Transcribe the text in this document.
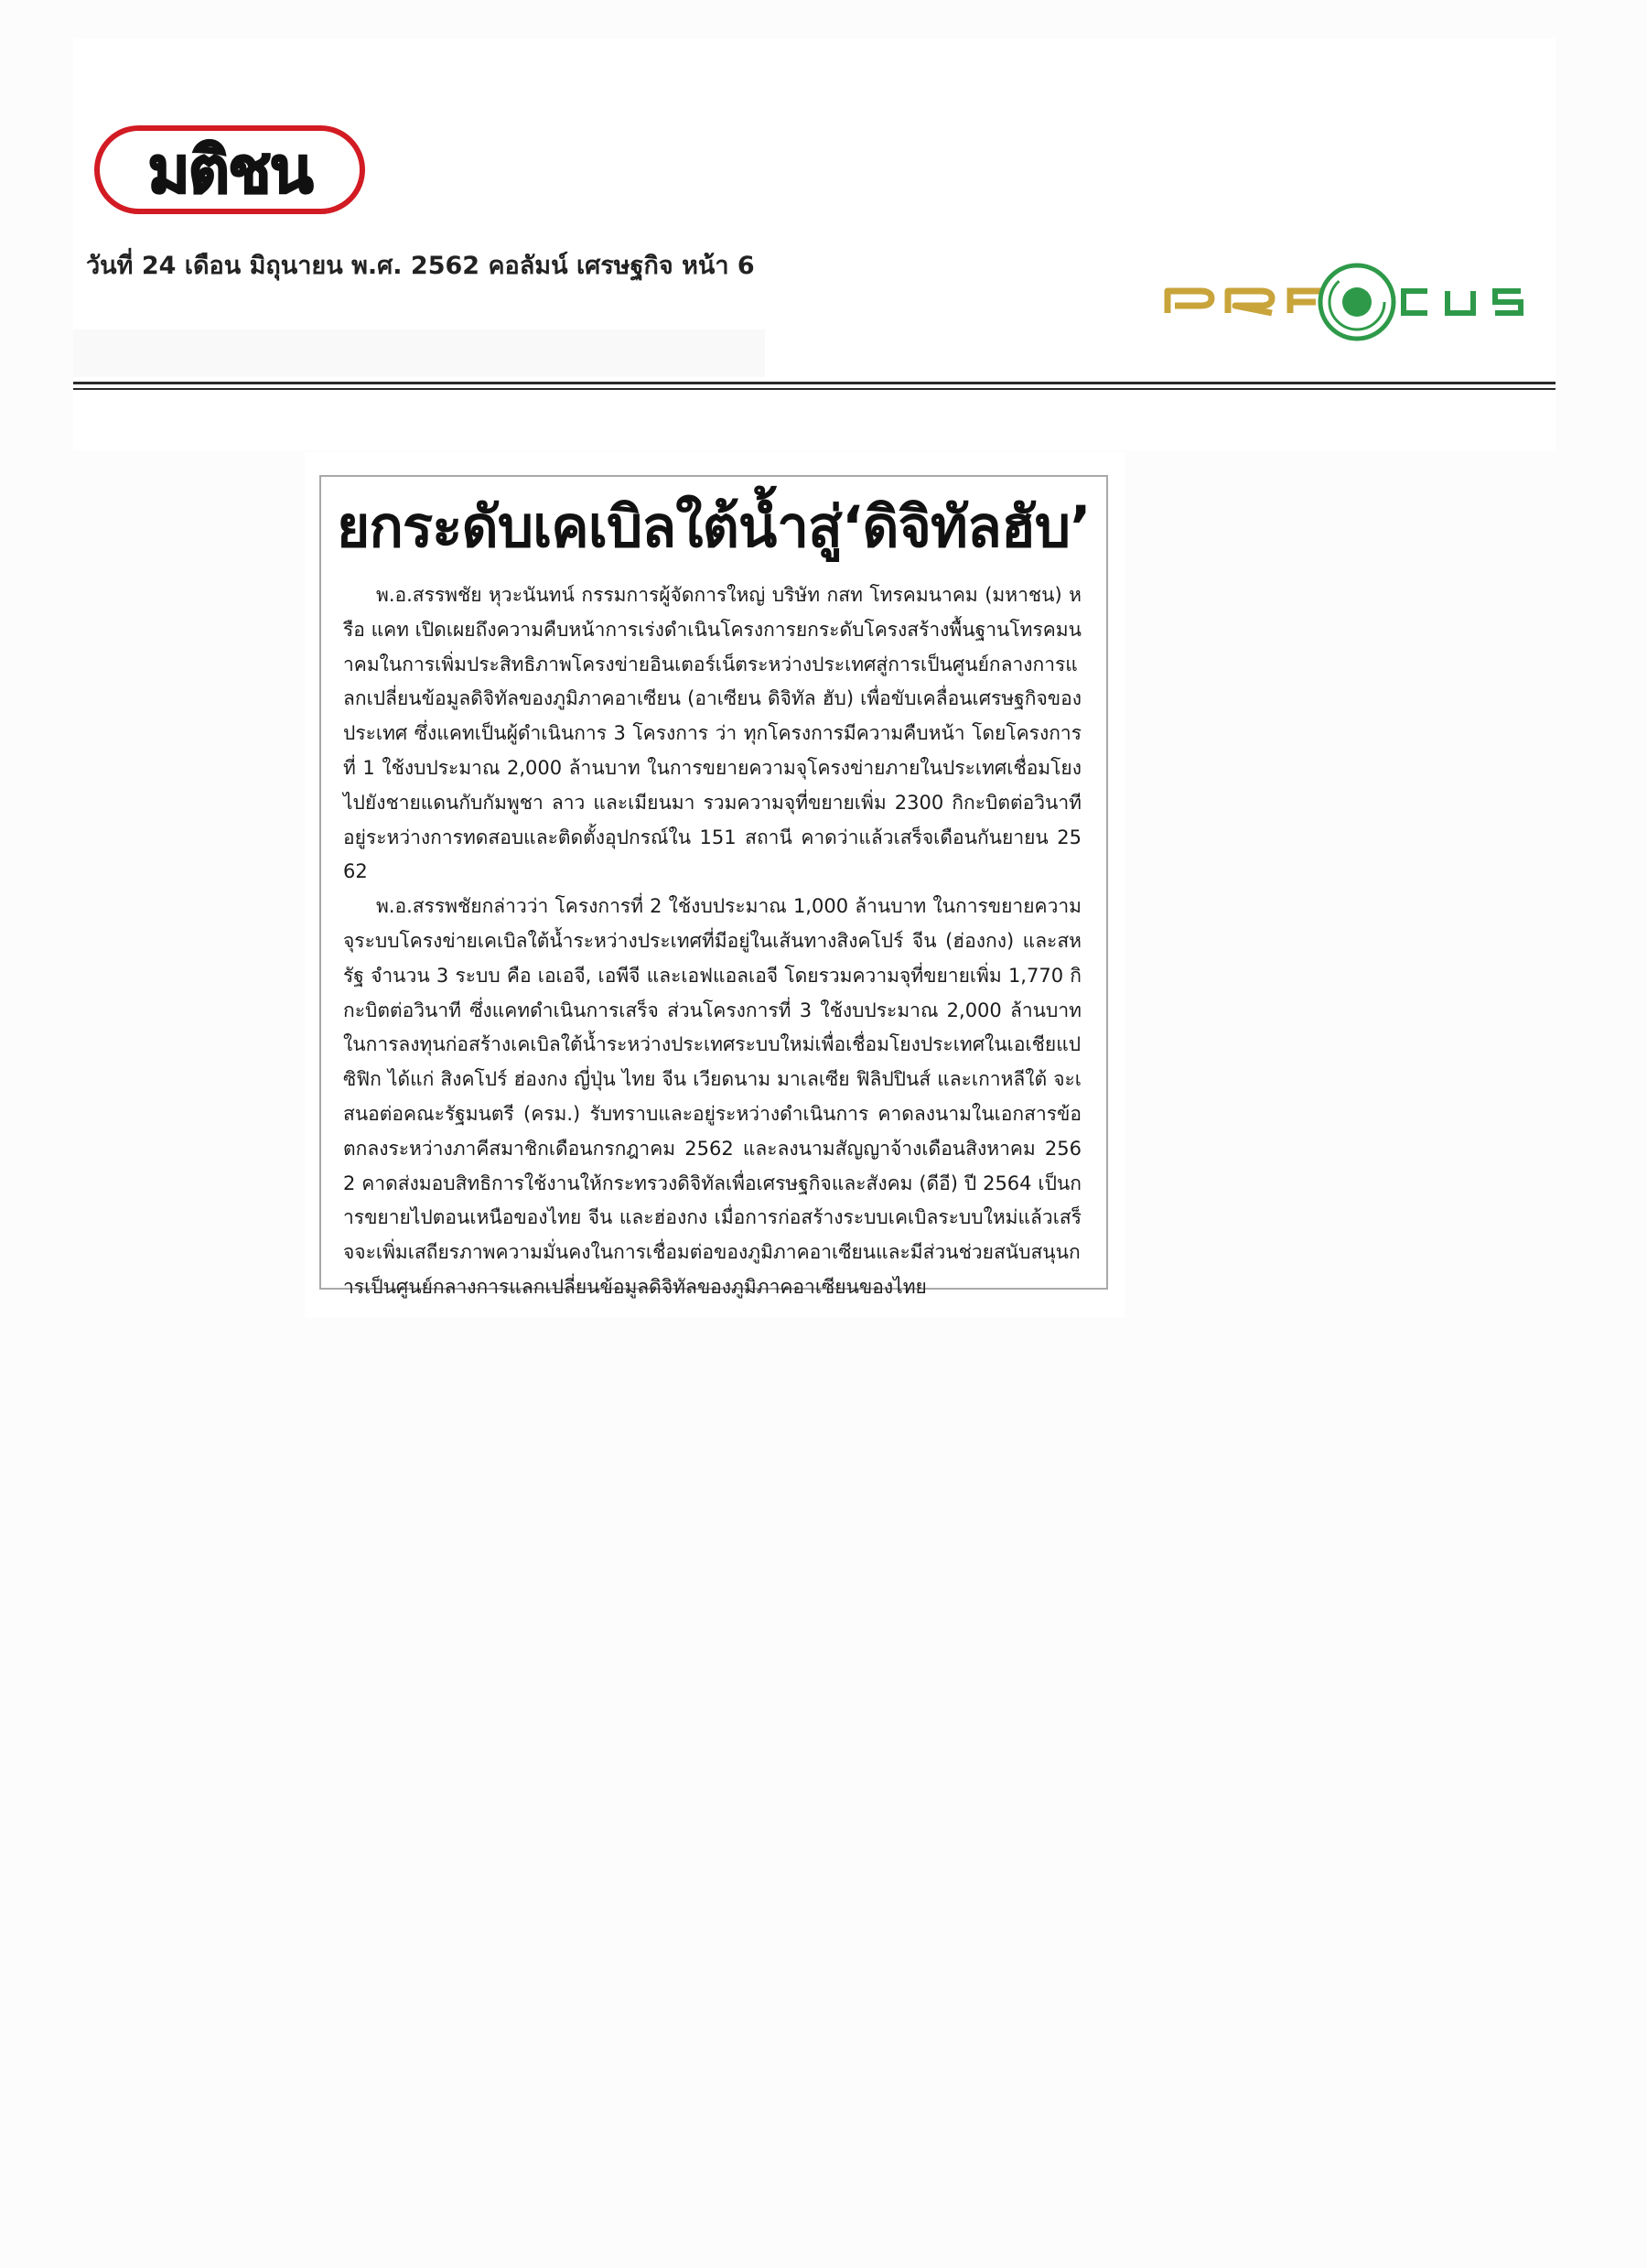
มติชน
วันที่ 24 เดือน มิถุนายน พ.ศ. 2562 คอลัมน์ เศรษฐกิจ หน้า 6
ยกระดับเคเบิลใต้น้ำสู่‘ดิจิทัลฮับ’

พ.อ.สรรพชัย หุวะนันทน์ กรรมการผู้จัดการใหญ่ บริษัท กสท โทรคมนาคม (มหาชน) หรือ แคท เปิดเผยถึงความคืบหน้าการเร่งดำเนินโครงการยกระดับโครงสร้างพื้นฐานโทรคมนาคมในการเพิ่มประสิทธิภาพโครงข่ายอินเตอร์เน็ตระหว่างประเทศสู่การเป็นศูนย์กลางการแลกเปลี่ยนข้อมูลดิจิทัลของภูมิภาคอาเซียน (อาเซียน ดิจิทัล ฮับ) เพื่อขับเคลื่อนเศรษฐกิจของประเทศ ซึ่งแคทเป็นผู้ดำเนินการ 3 โครงการ ว่า ทุกโครงการมีความคืบหน้า โดยโครงการที่ 1 ใช้งบประมาณ 2,000 ล้านบาท ในการขยายความจุโครงข่ายภายในประเทศเชื่อมโยงไปยังชายแดนกับกัมพูชา ลาว และเมียนมา รวมความจุที่ขยายเพิ่ม 2300 กิกะบิตต่อวินาที อยู่ระหว่างการทดสอบและติดตั้งอุปกรณ์ใน 151 สถานี คาดว่าแล้วเสร็จเดือนกันยายน 2562

พ.อ.สรรพชัยกล่าวว่า โครงการที่ 2 ใช้งบประมาณ 1,000 ล้านบาท ในการขยายความจุระบบโครงข่ายเคเบิลใต้น้ำระหว่างประเทศที่มีอยู่ในเส้นทางสิงคโปร์ จีน (ฮ่องกง) และสหรัฐ จำนวน 3 ระบบ คือ เอเอจี, เอพีจี และเอฟแอลเอจี โดยรวมความจุที่ขยายเพิ่ม 1,770 กิกะบิตต่อวินาที ซึ่งแคทดำเนินการเสร็จ ส่วนโครงการที่ 3 ใช้งบประมาณ 2,000 ล้านบาท ในการลงทุนก่อสร้างเคเบิลใต้น้ำระหว่างประเทศระบบใหม่เพื่อเชื่อมโยงประเทศในเอเชียแปซิฟิก ได้แก่ สิงคโปร์ ฮ่องกง ญี่ปุ่น ไทย จีน เวียดนาม มาเลเซีย ฟิลิปปินส์ และเกาหลีใต้ จะเสนอต่อคณะรัฐมนตรี (ครม.) รับทราบและอยู่ระหว่างดำเนินการ คาดลงนามในเอกสารข้อตกลงระหว่างภาคีสมาชิกเดือนกรกฎาคม 2562 และลงนามสัญญาจ้างเดือนสิงหาคม 2562 คาดส่งมอบสิทธิการใช้งานให้กระทรวงดิจิทัลเพื่อเศรษฐกิจและสังคม (ดีอี) ปี 2564 เป็นการขยายไปตอนเหนือของไทย จีน และฮ่องกง เมื่อการก่อสร้างระบบเคเบิลระบบใหม่แล้วเสร็จจะเพิ่มเสถียรภาพความมั่นคงในการเชื่อมต่อของภูมิภาคอาเซียนและมีส่วนช่วยสนับสนุนการเป็นศูนย์กลางการแลกเปลี่ยนข้อมูลดิจิทัลของภูมิภาคอาเซียนของไทย
